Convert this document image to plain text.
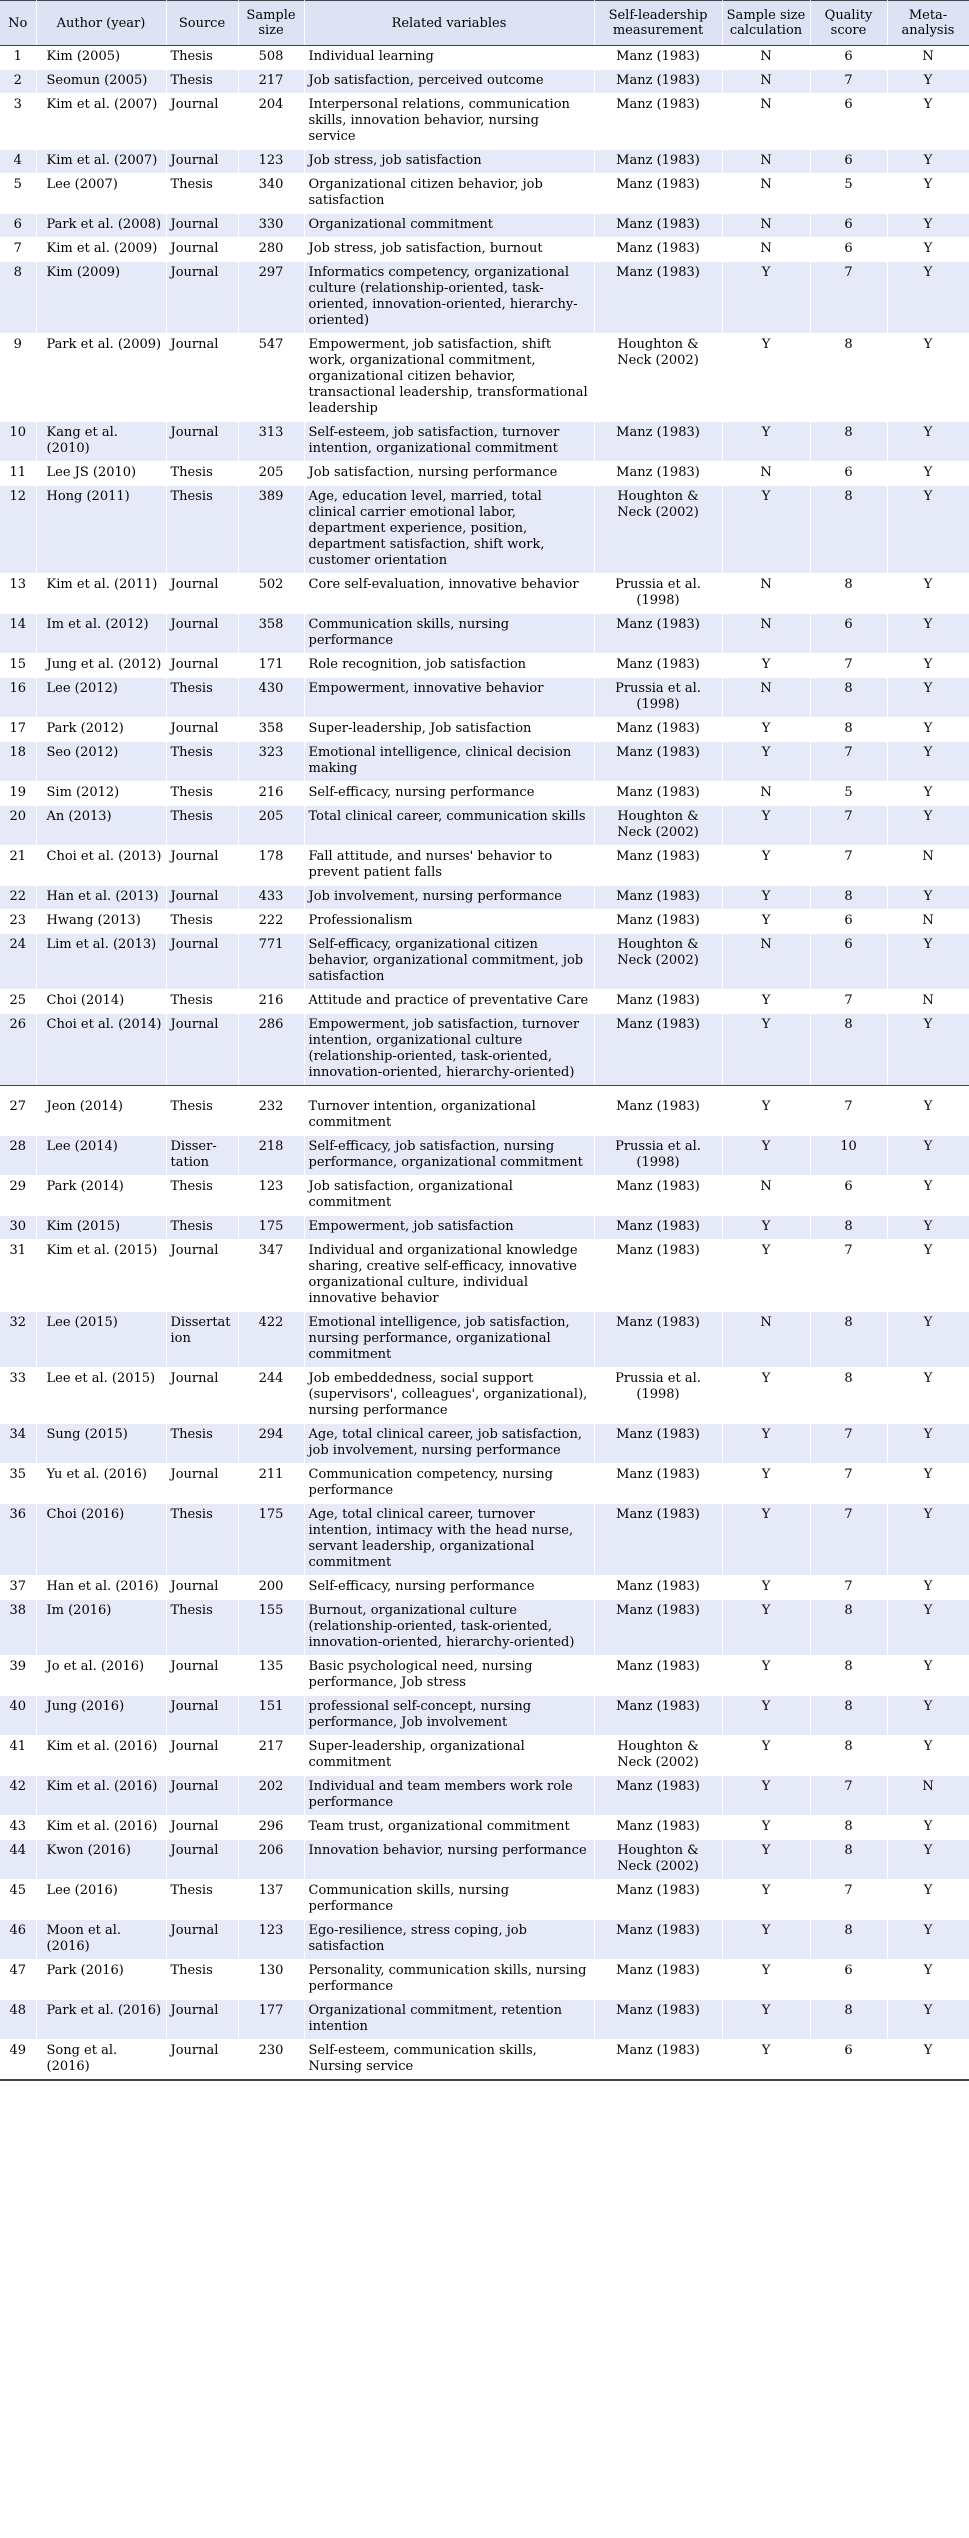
No	Author (year)	Source	Sample size	Related variables	Self-leadership measurement	Sample size calculation	Quality score	Meta-analysis
1	Kim (2005)	Thesis	508	Individual learning	Manz (1983)	N	6	N
2	Seomun (2005)	Thesis	217	Job satisfaction, perceived outcome	Manz (1983)	N	7	Y
3	Kim et al. (2007)	Journal	204	Interpersonal relations, communication skills, innovation behavior, nursing service	Manz (1983)	N	6	Y
4	Kim et al. (2007)	Journal	123	Job stress, job satisfaction	Manz (1983)	N	6	Y
5	Lee (2007)	Thesis	340	Organizational citizen behavior, job satisfaction	Manz (1983)	N	5	Y
6	Park et al. (2008)	Journal	330	Organizational commitment	Manz (1983)	N	6	Y
7	Kim et al. (2009)	Journal	280	Job stress, job satisfaction, burnout	Manz (1983)	N	6	Y
8	Kim (2009)	Journal	297	Informatics competency, organizational culture (relationship-oriented, task-oriented, innovation-oriented, hierarchy-oriented)	Manz (1983)	Y	7	Y
9	Park et al. (2009)	Journal	547	Empowerment, job satisfaction, shift work, organizational commitment, organizational citizen behavior, transactional leadership, transformational leadership	Houghton & Neck (2002)	Y	8	Y
10	Kang et al. (2010)	Journal	313	Self-esteem, job satisfaction, turnover intention, organizational commitment	Manz (1983)	Y	8	Y
11	Lee JS (2010)	Thesis	205	Job satisfaction, nursing performance	Manz (1983)	N	6	Y
12	Hong (2011)	Thesis	389	Age, education level, married, total clinical carrier emotional labor, department experience, position, department satisfaction, shift work, customer orientation	Houghton & Neck (2002)	Y	8	Y
13	Kim et al. (2011)	Journal	502	Core self-evaluation, innovative behavior	Prussia et al. (1998)	N	8	Y
14	Im et al. (2012)	Journal	358	Communication skills, nursing performance	Manz (1983)	N	6	Y
15	Jung et al. (2012)	Journal	171	Role recognition, job satisfaction	Manz (1983)	Y	7	Y
16	Lee (2012)	Thesis	430	Empowerment, innovative behavior	Prussia et al. (1998)	N	8	Y
17	Park (2012)	Journal	358	Super-leadership, Job satisfaction	Manz (1983)	Y	8	Y
18	Seo (2012)	Thesis	323	Emotional intelligence, clinical decision making	Manz (1983)	Y	7	Y
19	Sim (2012)	Thesis	216	Self-efficacy, nursing performance	Manz (1983)	N	5	Y
20	An (2013)	Thesis	205	Total clinical career, communication skills	Houghton & Neck (2002)	Y	7	Y
21	Choi et al. (2013)	Journal	178	Fall attitude, and nurses' behavior to prevent patient falls	Manz (1983)	Y	7	N
22	Han et al. (2013)	Journal	433	Job involvement, nursing performance	Manz (1983)	Y	8	Y
23	Hwang (2013)	Thesis	222	Professionalism	Manz (1983)	Y	6	N
24	Lim et al. (2013)	Journal	771	Self-efficacy, organizational citizen behavior, organizational commitment, job satisfaction	Houghton & Neck (2002)	N	6	Y
25	Choi (2014)	Thesis	216	Attitude and practice of preventative Care	Manz (1983)	Y	7	N
26	Choi et al. (2014)	Journal	286	Empowerment, job satisfaction, turnover intention, organizational culture (relationship-oriented, task-oriented, innovation-oriented, hierarchy-oriented)	Manz (1983)	Y	8	Y

27	Jeon (2014)	Thesis	232	Turnover intention, organizational commitment	Manz (1983)	Y	7	Y
28	Lee (2014)	Disser-tation	218	Self-efficacy, job satisfaction, nursing performance, organizational commitment	Prussia et al. (1998)	Y	10	Y
29	Park (2014)	Thesis	123	Job satisfaction, organizational commitment	Manz (1983)	N	6	Y
30	Kim (2015)	Thesis	175	Empowerment, job satisfaction	Manz (1983)	Y	8	Y
31	Kim et al. (2015)	Journal	347	Individual and organizational knowledge sharing, creative self-efficacy, innovative organizational culture, individual innovative behavior	Manz (1983)	Y	7	Y
32	Lee (2015)	Dissertat ion	422	Emotional intelligence, job satisfaction, nursing performance, organizational commitment	Manz (1983)	N	8	Y
33	Lee et al. (2015)	Journal	244	Job embeddedness, social support (supervisors', colleagues', organizational), nursing performance	Prussia et al. (1998)	Y	8	Y
34	Sung (2015)	Thesis	294	Age, total clinical career, job satisfaction, job involvement, nursing performance	Manz (1983)	Y	7	Y
35	Yu et al. (2016)	Journal	211	Communication competency, nursing performance	Manz (1983)	Y	7	Y
36	Choi (2016)	Thesis	175	Age, total clinical career, turnover intention, intimacy with the head nurse, servant leadership, organizational commitment	Manz (1983)	Y	7	Y
37	Han et al. (2016)	Journal	200	Self-efficacy, nursing performance	Manz (1983)	Y	7	Y
38	Im (2016)	Thesis	155	Burnout, organizational culture (relationship-oriented, task-oriented, innovation-oriented, hierarchy-oriented)	Manz (1983)	Y	8	Y
39	Jo et al. (2016)	Journal	135	Basic psychological need, nursing performance, Job stress	Manz (1983)	Y	8	Y
40	Jung (2016)	Journal	151	professional self-concept, nursing performance, Job involvement	Manz (1983)	Y	8	Y
41	Kim et al. (2016)	Journal	217	Super-leadership, organizational commitment	Houghton & Neck (2002)	Y	8	Y
42	Kim et al. (2016)	Journal	202	Individual and team members work role performance	Manz (1983)	Y	7	N
43	Kim et al. (2016)	Journal	296	Team trust, organizational commitment	Manz (1983)	Y	8	Y
44	Kwon (2016)	Journal	206	Innovation behavior, nursing performance	Houghton & Neck (2002)	Y	8	Y
45	Lee (2016)	Thesis	137	Communication skills, nursing performance	Manz (1983)	Y	7	Y
46	Moon et al. (2016)	Journal	123	Ego-resilience, stress coping, job satisfaction	Manz (1983)	Y	8	Y
47	Park (2016)	Thesis	130	Personality, communication skills, nursing performance	Manz (1983)	Y	6	Y
48	Park et al. (2016)	Journal	177	Organizational commitment, retention intention	Manz (1983)	Y	8	Y
49	Song et al. (2016)	Journal	230	Self-esteem, communication skills, Nursing service	Manz (1983)	Y	6	Y
